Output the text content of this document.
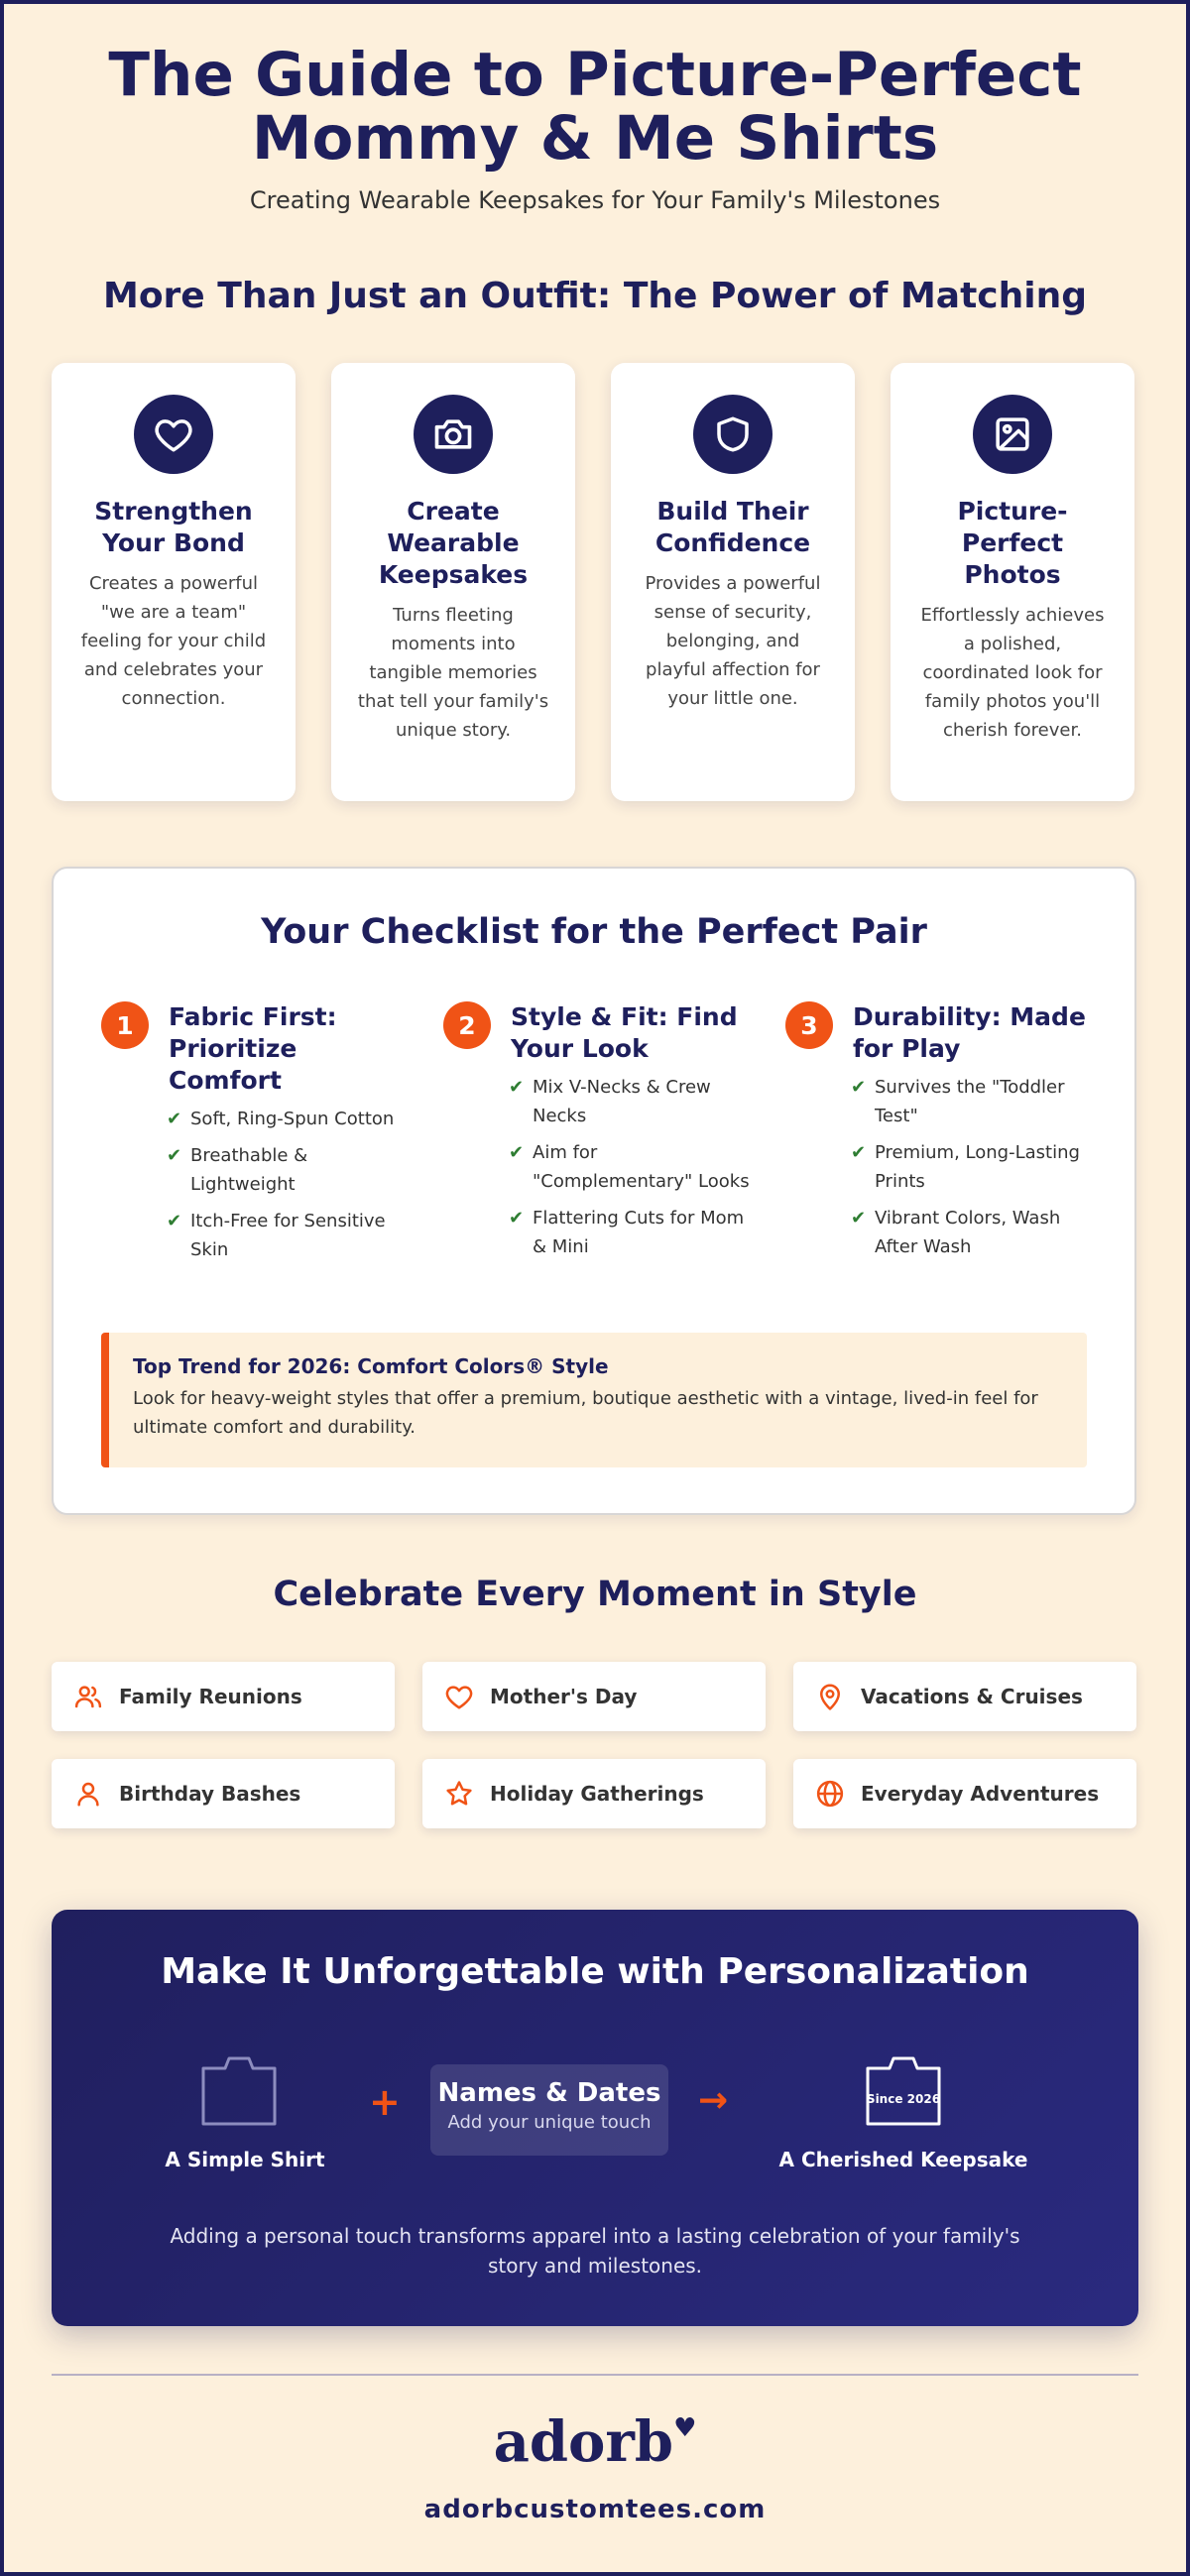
The Guide to Picture-Perfect
Mommy & Me Shirts

Creating Wearable Keepsakes for Your Family's Milestones

More Than Just an Outfit: The Power of Matching

Strengthen Your Bond

Creates a powerful "we are a team" feeling for your child and celebrates your connection.

Create Wearable Keepsakes

Turns fleeting moments into tangible memories that tell your family's unique story.

Build Their Confidence

Provides a powerful sense of security, belonging, and playful affection for your little one.

Picture-Perfect Photos

Effortlessly achieves a polished, coordinated look for family photos you'll cherish forever.

Your Checklist for the Perfect Pair
1	Fabric First: Prioritize Comfort

✔ Soft, Ring-Spun Cotton
✔ Breathable & Lightweight
✔ Itch-Free for Sensitive Skin
2	Style & Fit: Find Your Look

✔ Mix V-Necks & Crew Necks
✔ Aim for "Complementary" Looks
✔ Flattering Cuts for Mom & Mini
3	Durability: Made for Play

✔ Survives the "Toddler Test"
✔ Premium, Long-Lasting Prints
✔ Vibrant Colors, Wash After Wash

Top Trend for 2026: Comfort Colors® Style

Look for heavy-weight styles that offer a premium, boutique aesthetic with a vintage, lived-in feel for ultimate comfort and durability.

Celebrate Every Moment in Style
Family Reunions	Mother's Day	Vacations & Cruises
Birthday Bashes	Holiday Gatherings	Everyday Adventures
Make It Unforgettable with Personalization
A Simple Shirt
+ Names & Dates

Add your unique touch

→	Since 2026
A Cherished Keepsake

Adding a personal touch transforms apparel into a lasting celebration of your family's story and milestones.

adorb♥

adorbcustomtees.com
